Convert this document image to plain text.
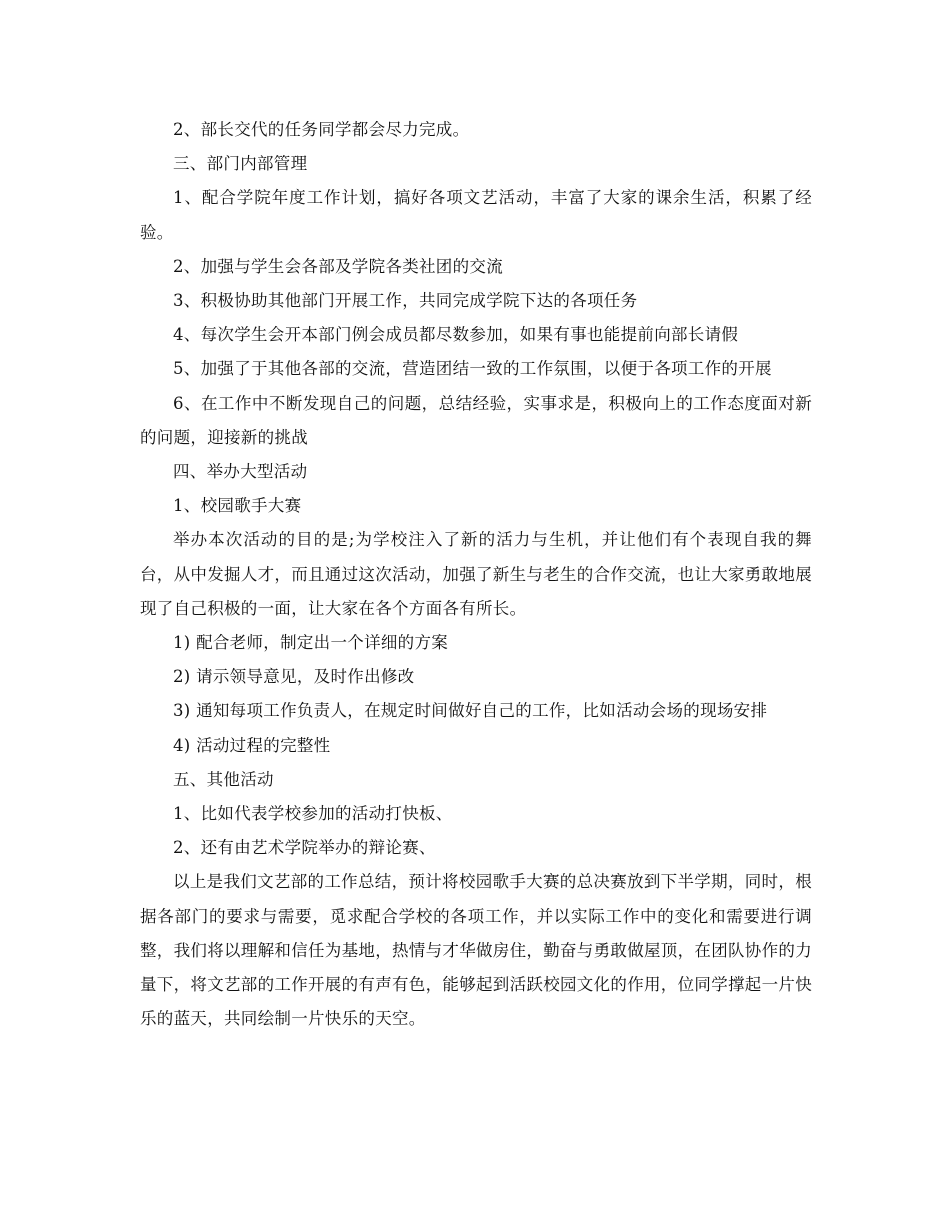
2、部长交代的任务同学都会尽力完成。

三、部门内部管理

1、配合学院年度工作计划，搞好各项文艺活动，丰富了大家的课余生活，积累了经验。

2、加强与学生会各部及学院各类社团的交流

3、积极协助其他部门开展工作，共同完成学院下达的各项任务

4、每次学生会开本部门例会成员都尽数参加，如果有事也能提前向部长请假

5、加强了于其他各部的交流，营造团结一致的工作氛围，以便于各项工作的开展

6、在工作中不断发现自己的问题，总结经验，实事求是，积极向上的工作态度面对新的问题，迎接新的挑战

四、举办大型活动

1、校园歌手大赛

举办本次活动的目的是;为学校注入了新的活力与生机，并让他们有个表现自我的舞台，从中发掘人才，而且通过这次活动，加强了新生与老生的合作交流，也让大家勇敢地展现了自己积极的一面，让大家在各个方面各有所长。

1) 配合老师，制定出一个详细的方案

2) 请示领导意见，及时作出修改

3) 通知每项工作负责人，在规定时间做好自己的工作，比如活动会场的现场安排

4) 活动过程的完整性

五、其他活动

1、比如代表学校参加的活动打快板、

2、还有由艺术学院举办的辩论赛、

以上是我们文艺部的工作总结，预计将校园歌手大赛的总决赛放到下半学期，同时，根据各部门的要求与需要，觅求配合学校的各项工作，并以实际工作中的变化和需要进行调整，我们将以理解和信任为基地，热情与才华做房住，勤奋与勇敢做屋顶，在团队协作的力量下，将文艺部的工作开展的有声有色，能够起到活跃校园文化的作用，位同学撑起一片快乐的蓝天，共同绘制一片快乐的天空。
